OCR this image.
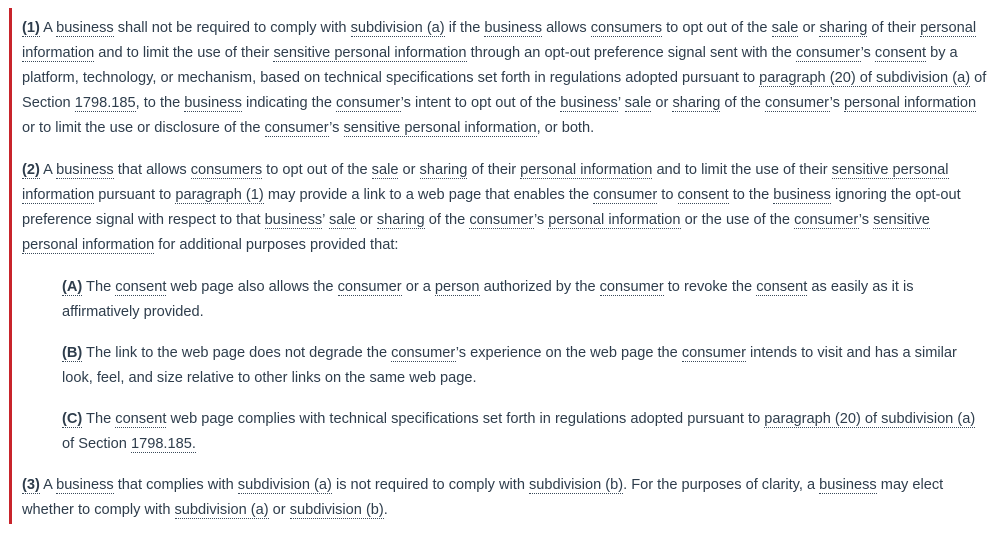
(1) A business shall not be required to comply with subdivision (a) if the business allows consumers to opt out of the sale or sharing of their personal information and to limit the use of their sensitive personal information through an opt-out preference signal sent with the consumer’s consent by a platform, technology, or mechanism, based on technical specifications set forth in regulations adopted pursuant to paragraph (20) of subdivision (a) of Section 1798.185, to the business indicating the consumer’s intent to opt out of the business’ sale or sharing of the consumer’s personal information or to limit the use or disclosure of the consumer’s sensitive personal information, or both.

(2) A business that allows consumers to opt out of the sale or sharing of their personal information and to limit the use of their sensitive personal information pursuant to paragraph (1) may provide a link to a web page that enables the consumer to consent to the business ignoring the opt-out preference signal with respect to that business’ sale or sharing of the consumer’s personal information or the use of the consumer’s sensitive personal information for additional purposes provided that:

(A) The consent web page also allows the consumer or a person authorized by the consumer to revoke the consent as easily as it is affirmatively provided.

(B) The link to the web page does not degrade the consumer’s experience on the web page the consumer intends to visit and has a similar look, feel, and size relative to other links on the same web page.

(C) The consent web page complies with technical specifications set forth in regulations adopted pursuant to paragraph (20) of subdivision (a) of Section 1798.185.

(3) A business that complies with subdivision (a) is not required to comply with subdivision (b). For the purposes of clarity, a business may elect whether to comply with subdivision (a) or subdivision (b).
